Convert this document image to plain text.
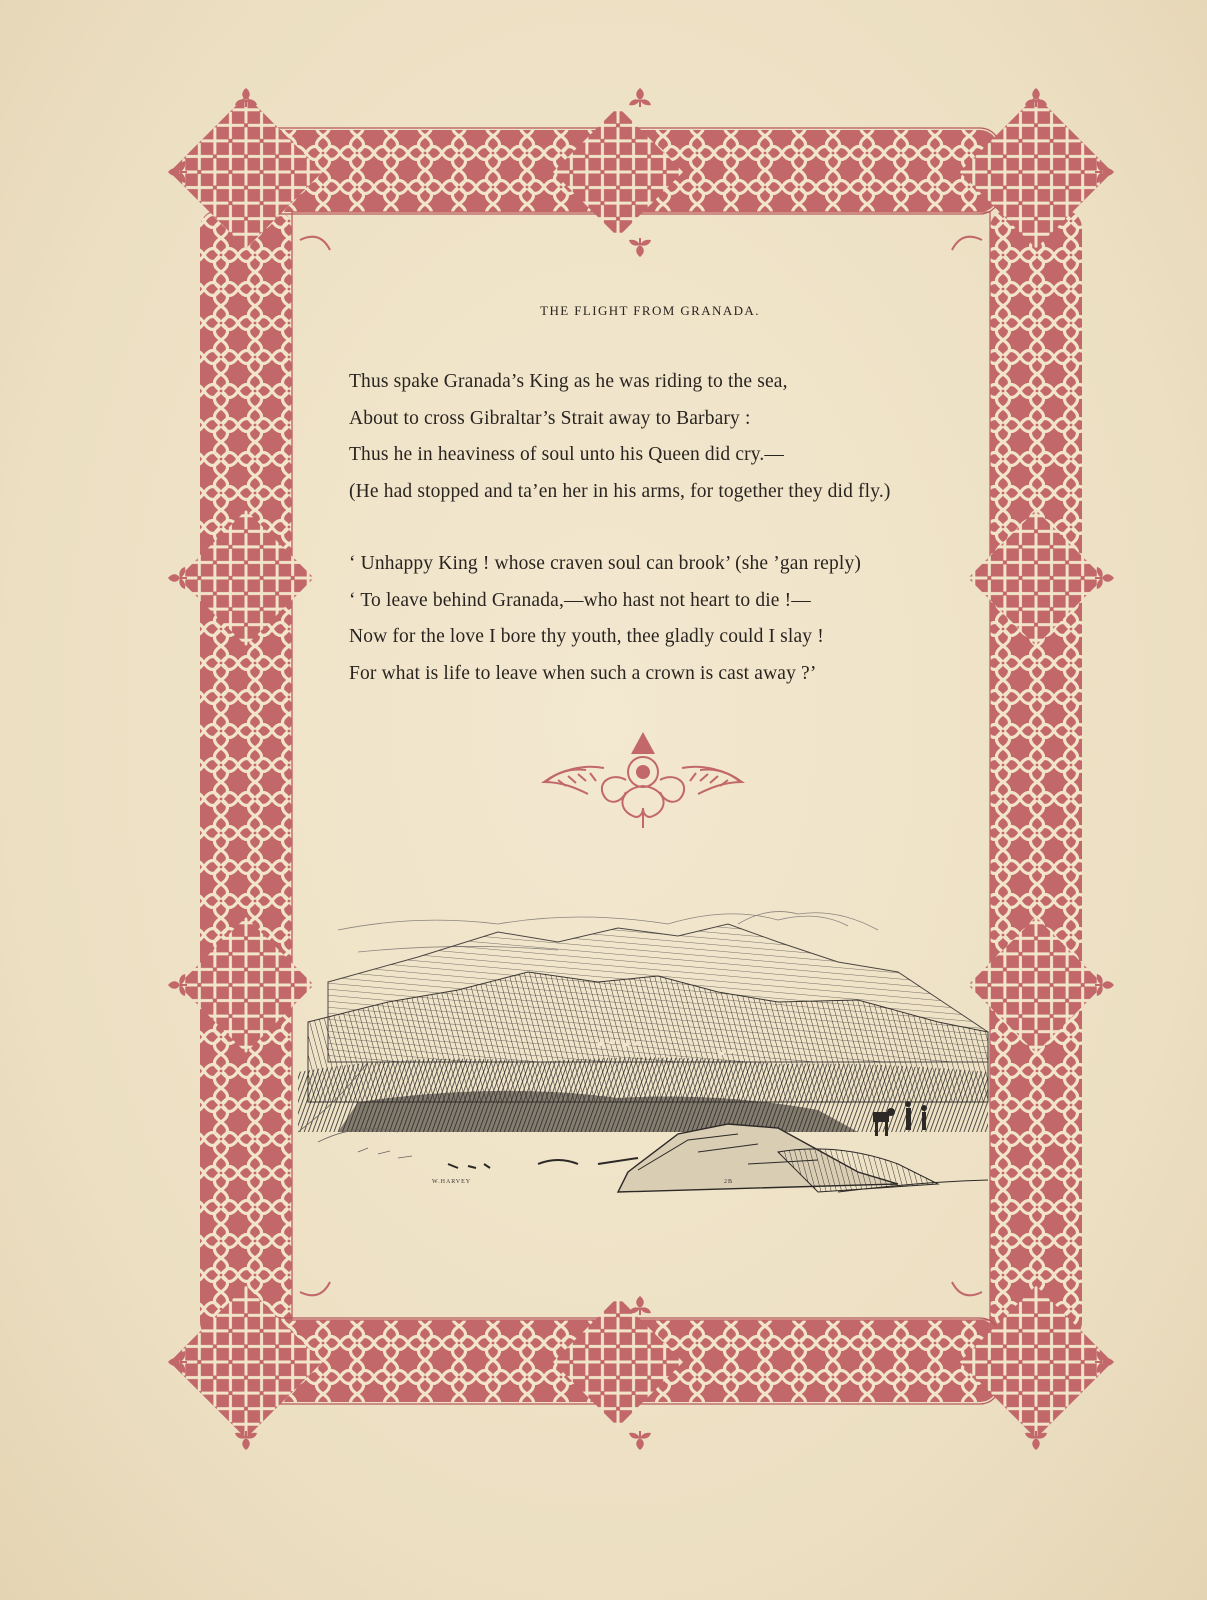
THE FLIGHT FROM GRANADA.
Thus spake Granada’s King as he was riding to the sea,
About to cross Gibraltar’s Strait away to Barbary :
Thus he in heaviness of soul unto his Queen did cry.—
(He had stopped and ta’en her in his arms, for together they did fly.)
‘ Unhappy King ! whose craven soul can brook’ (she ’gan reply)
‘ To leave behind Granada,—who hast not heart to die !—
Now for the love I bore thy youth, thee gladly could I slay !
For what is life to leave when such a crown is cast away ?’
W.HARVEY	2B
